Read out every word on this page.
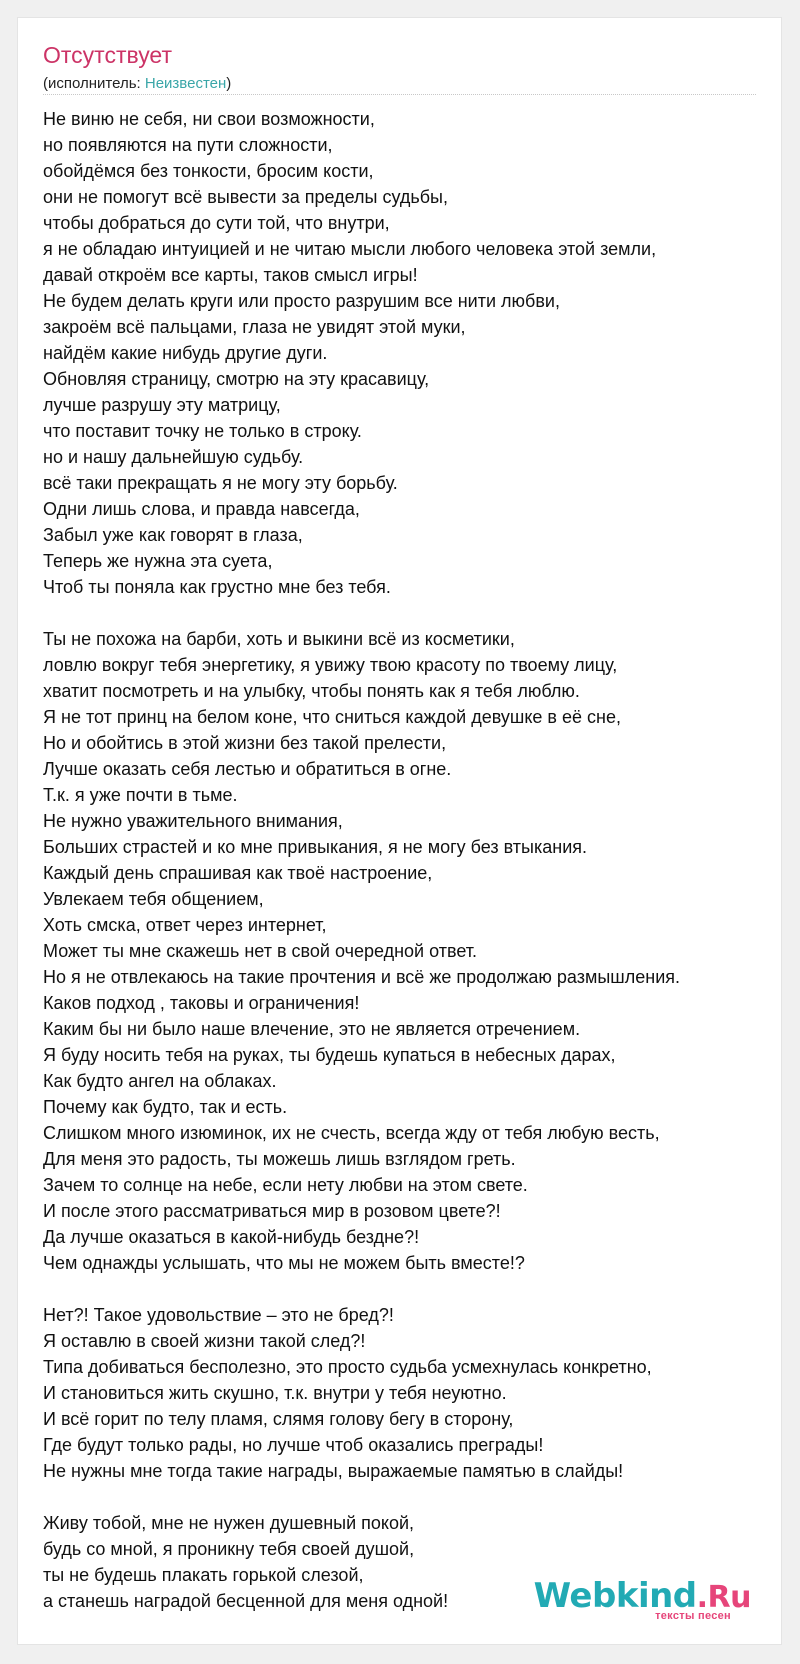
Отсутствует
(исполнитель: Неизвестен)
Не виню не себя, ни свои возможности,
но появляются на пути сложности,
обойдёмся без тонкости, бросим кости,
они не помогут всё вывести за пределы судьбы,
чтобы добраться до сути той, что внутри,
я не обладаю интуицией и не читаю мысли любого человека этой земли,
давай откроём все карты, таков смысл игры!
Не будем делать круги или просто разрушим все нити любви,
закроём всё пальцами, глаза не увидят этой муки,
найдём какие нибудь другие дуги.
Обновляя страницу, смотрю на эту красавицу,
лучше разрушу эту матрицу,
что поставит точку не только в строку.
но и нашу дальнейшую судьбу.
всё таки прекращать я не могу эту борьбу.
Одни лишь слова, и правда навсегда,
Забыл уже как говорят в глаза,
Теперь же нужна эта суета,
Чтоб ты поняла как грустно мне без тебя.
Ты не похожа на барби, хоть и выкини всё из косметики,
ловлю вокруг тебя энергетику, я увижу твою красоту по твоему лицу,
хватит посмотреть и на улыбку, чтобы понять как я тебя люблю.
Я не тот принц на белом коне, что сниться каждой девушке в её сне,
Но и обойтись в этой жизни без такой прелести,
Лучше оказать себя лестью и обратиться в огне.
Т.к. я уже почти в тьме.
Не нужно уважительного внимания,
Больших страстей и ко мне привыкания, я не могу без втыкания.
Каждый день спрашивая как твоё настроение,
Увлекаем тебя общением,
Хоть смска, ответ через интернет,
Может ты мне скажешь нет в свой очередной ответ.
Но я не отвлекаюсь на такие прочтения и всё же продолжаю размышления.
Каков подход , таковы и ограничения!
Каким бы ни было наше влечение, это не является отречением.
Я буду носить тебя на руках, ты будешь купаться в небесных дарах,
Как будто ангел на облаках.
Почему как будто, так и есть.
Слишком много изюминок, их не счесть, всегда жду от тебя любую весть,
Для меня это радость, ты можешь лишь взглядом греть.
Зачем то солнце на небе, если нету любви на этом свете.
И после этого рассматриваться мир в розовом цвете?!
Да лучше оказаться в какой-нибудь бездне?!
Чем однажды услышать, что мы не можем быть вместе!?
Нет?! Такое удовольствие – это не бред?!
Я оставлю в своей жизни такой след?!
Типа добиваться бесполезно, это просто судьба усмехнулась конкретно,
И становиться жить скушно, т.к. внутри у тебя неуютно.
И всё горит по телу пламя, слямя голову бегу в сторону,
Где будут только рады, но лучше чтоб оказались преграды!
Не нужны мне тогда такие награды, выражаемые памятью в слайды!
Живу тобой, мне не нужен душевный покой,
будь со мной, я проникну тебя своей душой,
ты не будешь плакать горькой слезой,
а станешь наградой бесценной для меня одной!	Webkind.Ru
тексты песен
